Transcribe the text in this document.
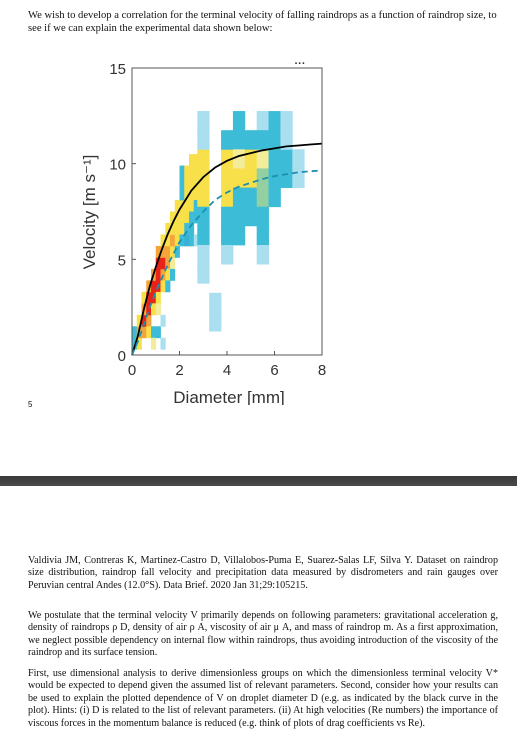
We wish to develop a correlation for the terminal velocity of falling raindrops as a function of raindrop size, to see if we can explain the experimental data shown below:

0	2	4	6	8
0
5
10
15	···
Diameter [mm]
Velocity [m s⁻¹]
5

Valdivia JM, Contreras K, Martinez-Castro D, Villalobos-Puma E, Suarez-Salas LF, Silva Y. Dataset on raindrop size distribution, raindrop fall velocity and precipitation data measured by disdrometers and rain gauges over Peruvian central Andes (12.0°S). Data Brief. 2020 Jan 31;29:105215.

We postulate that the terminal velocity V primarily depends on following parameters: gravitational acceleration g, density of raindrops ρ D, density of air ρ A, viscosity of air μ A, and mass of raindrop m. As a first approximation, we neglect possible dependency on internal flow within raindrops, thus avoiding introduction of the viscosity of the raindrop and its surface tension.

First, use dimensional analysis to derive dimensionless groups on which the dimensionless terminal velocity V* would be expected to depend given the assumed list of relevant parameters. Second, consider how your results can be used to explain the plotted dependence of V on droplet diameter D (e.g. as indicated by the black curve in the plot). Hints: (i) D is related to the list of relevant parameters. (ii) At high velocities (Re numbers) the importance of viscous forces in the momentum balance is reduced (e.g. think of plots of drag coefficients vs Re).
